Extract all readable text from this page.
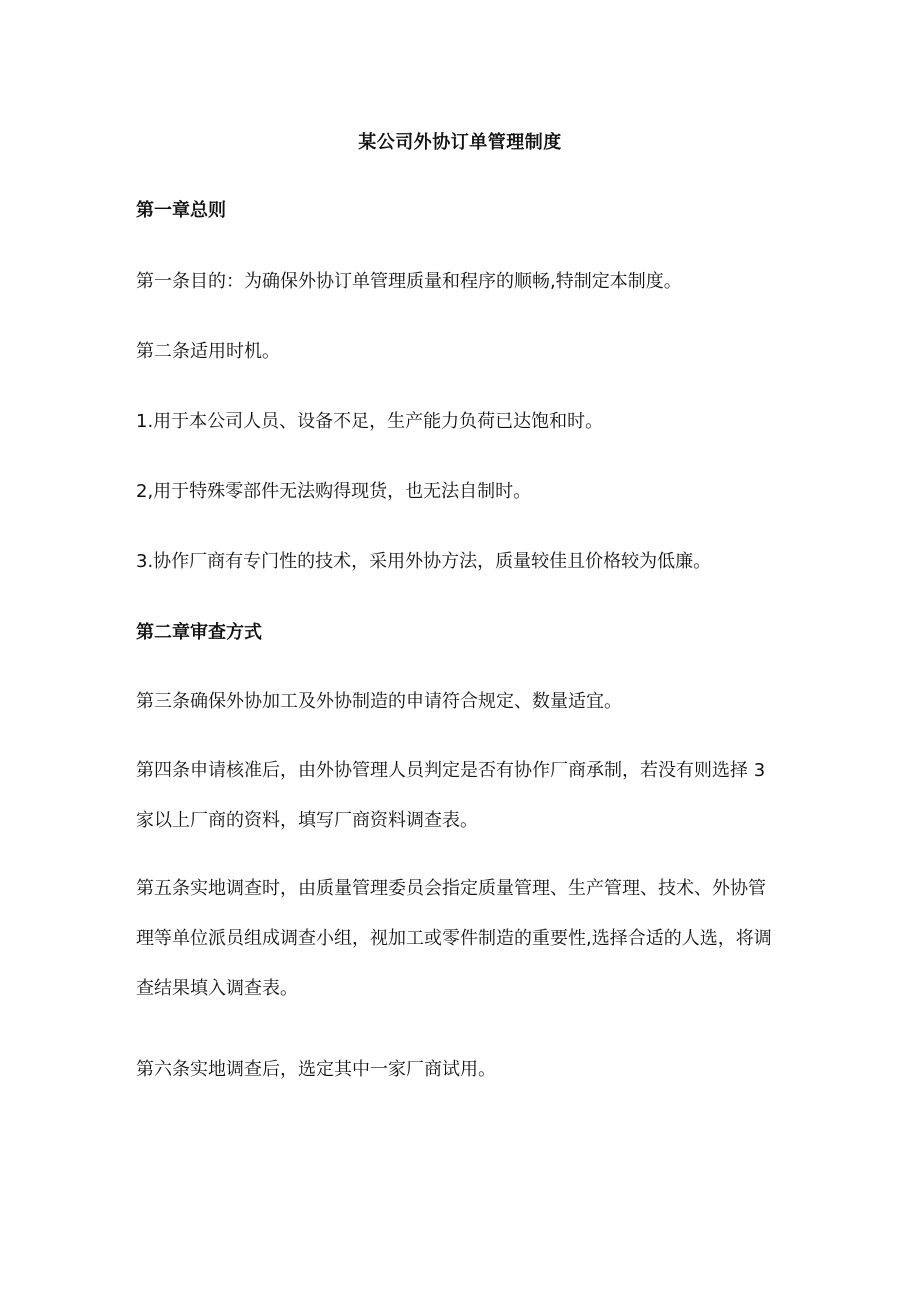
某公司外协订单管理制度

第一章总则

第一条目的：为确保外协订单管理质量和程序的顺畅,特制定本制度。

第二条适用时机。

1.用于本公司人员、设备不足，生产能力负荷已达饱和时。

2,用于特殊零部件无法购得现货，也无法自制时。

3.协作厂商有专门性的技术，采用外协方法，质量较佳且价格较为低廉。

第二章审查方式

第三条确保外协加工及外协制造的申请符合规定、数量适宜。

第四条申请核准后，由外协管理人员判定是否有协作厂商承制，若没有则选择 3
家以上厂商的资料，填写厂商资料调查表。
第五条实地调查时，由质量管理委员会指定质量管理、生产管理、技术、外协管
理等单位派员组成调查小组，视加工或零件制造的重要性,选择合适的人选，将调
查结果填入调查表。

第六条实地调查后，选定其中一家厂商试用。
